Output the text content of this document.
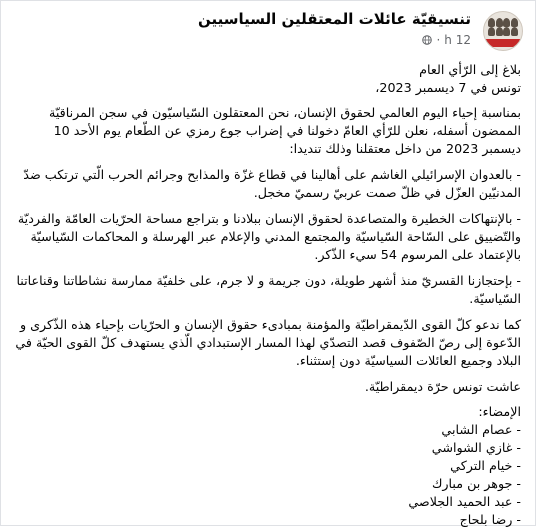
تنسيقيّة عائلات المعتقلين السياسيين
12 h
·

بلاغ إلى الرّأي العام
تونس في 7 ديسمبر 2023،

بمناسبة إحياء اليوم العالمي لحقوق الإنسان، نحن المعتقلون السّياسيّون في سجن المرناقيّة الممضون أسفله، نعلن للرّأي العامّ دخولنا في إضراب جوع رمزي عن الطّعام يوم الأحد 10 ديسمبر 2023 من داخل معتقلنا وذلك تنديدا:

- بالعدوان الإسرائيلي الغاشم على أهالينا في قطاع غزّة والمذابح وجرائم الحرب الّتي ترتكب ضدّ المدنيّين العزّل في ظلّ صمت عربيّ رسميّ مخجل.

- بالإنتهاكات الخطيرة والمتصاعدة لحقوق الإنسان ببلادنا و بتراجع مساحة الحرّيات العامّة والفرديّة والتّضييق على السّاحة السّياسيّة والمجتمع المدني والإعلام عبر الهرسلة و المحاكمات السّياسيّة بالإعتماد على المرسوم 54 سيء الذّكر.

- بإحتجازنا القسريّ منذ أشهر طويلة، دون جريمة و لا جرم، على خلفيّة ممارسة نشاطاتنا وقناعاتنا السّياسيّة.

كما ندعو كلّ القوى الدّيمقراطيّة والمؤمنة بمبادىء حقوق الإنسان و الحرّيات بإحياء هذه الذّكرى و الدّعوة إلى رصّ الصّفوف قصد التصدّي لهذا المسار الإستبدادي الّذي يستهدف كلّ القوى الحيّة في البلاد وجميع العائلات السياسيّة دون إستثناء.

عاشت تونس حرّة ديمقراطيّة.

الإمضاء:
- عصام الشابي
- غازي الشواشي
- خيام التركي
- جوهر بن مبارك
- عبد الحميد الجلاصي
- رضا بلحاج
